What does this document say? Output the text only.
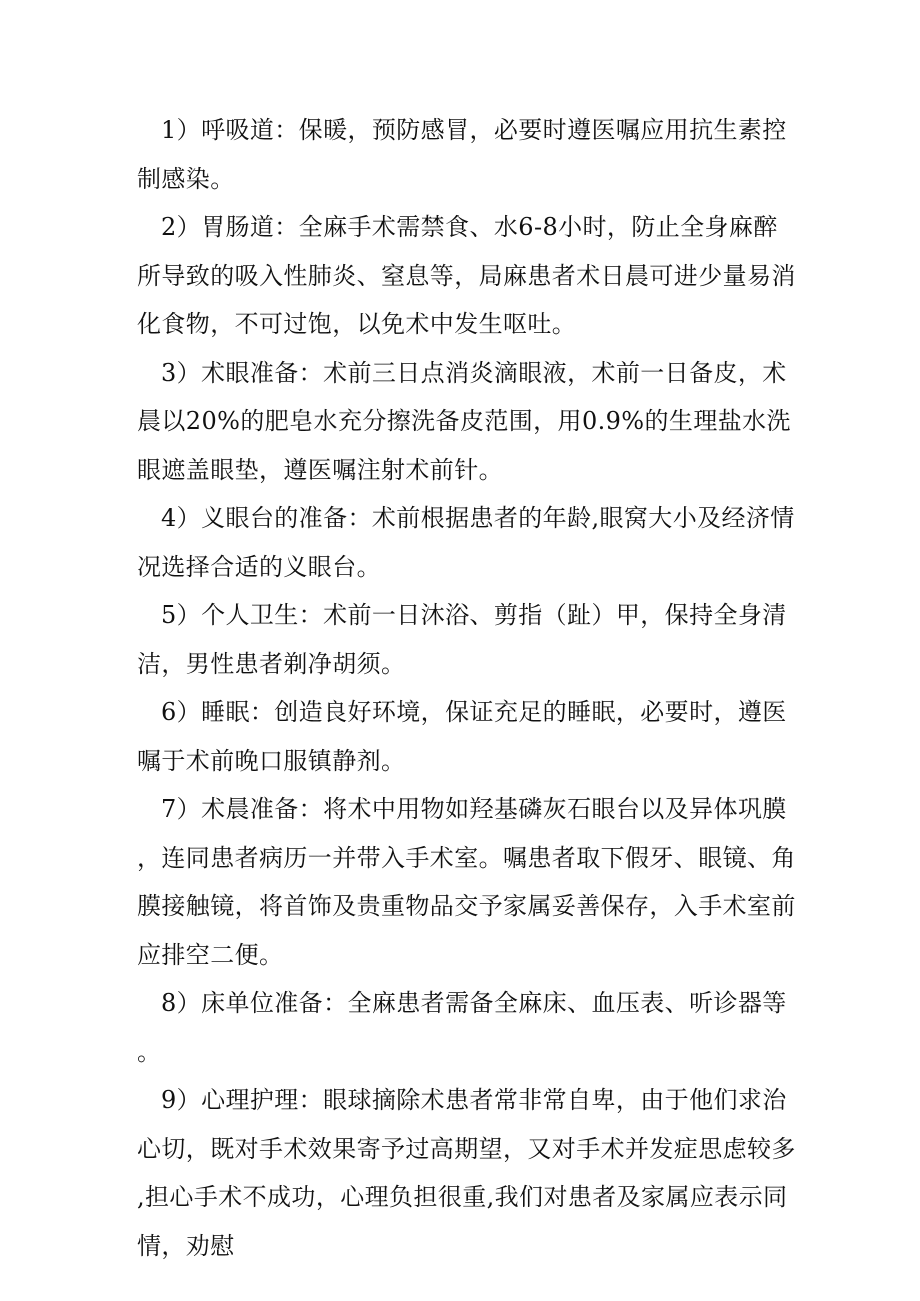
1）呼吸道：保暖，预防感冒，必要时遵医嘱应用抗生素控制感染。

2）胃肠道：全麻手术需禁食、水6-8小时，防止全身麻醉所导致的吸入性肺炎、窒息等，局麻患者术日晨可进少量易消化食物，不可过饱，以免术中发生呕吐。

3）术眼准备：术前三日点消炎滴眼液，术前一日备皮，术晨以20%的肥皂水充分擦洗备皮范围，用0.9%的生理盐水洗眼遮盖眼垫，遵医嘱注射术前针。

4）义眼台的准备：术前根据患者的年龄,眼窝大小及经济情况选择合适的义眼台。

5）个人卫生：术前一日沐浴、剪指（趾）甲，保持全身清洁，男性患者剃净胡须。

6）睡眠：创造良好环境，保证充足的睡眠，必要时，遵医嘱于术前晚口服镇静剂。

7）术晨准备：将术中用物如羟基磷灰石眼台以及异体巩膜，连同患者病历一并带入手术室。嘱患者取下假牙、眼镜、角膜接触镜，将首饰及贵重物品交予家属妥善保存，入手术室前应排空二便。

8）床单位准备：全麻患者需备全麻床、血压表、听诊器等。

9）心理护理：眼球摘除术患者常非常自卑，由于他们求治心切，既对手术效果寄予过高期望，又对手术并发症思虑较多,担心手术不成功，心理负担很重,我们对患者及家属应表示同情，劝慰
